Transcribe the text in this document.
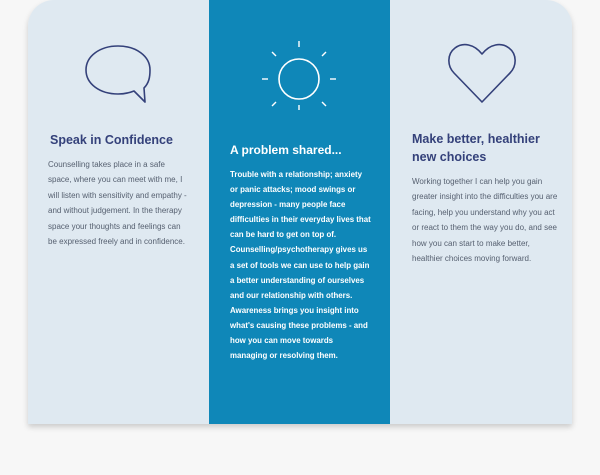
Speak in Confidence

Counselling takes place in a safe space, where you can meet with me, I will listen with sensitivity and empathy - and without judgement. In the therapy space your thoughts and feelings can be expressed freely and in confidence.

A problem shared...

Trouble with a relationship; anxiety or panic attacks; mood swings or depression - many people face difficulties in their everyday lives that can be hard to get on top of. Counselling/psychotherapy gives us a set of tools we can use to help gain a better understanding of ourselves and our relationship with others. Awareness brings you insight into what's causing these problems - and how you can move towards managing or resolving them.

Make better, healthier new choices

Working together I can help you gain greater insight into the difficulties you are facing, help you understand why you act or react to them the way you do, and see how you can start to make better, healthier choices moving forward.
